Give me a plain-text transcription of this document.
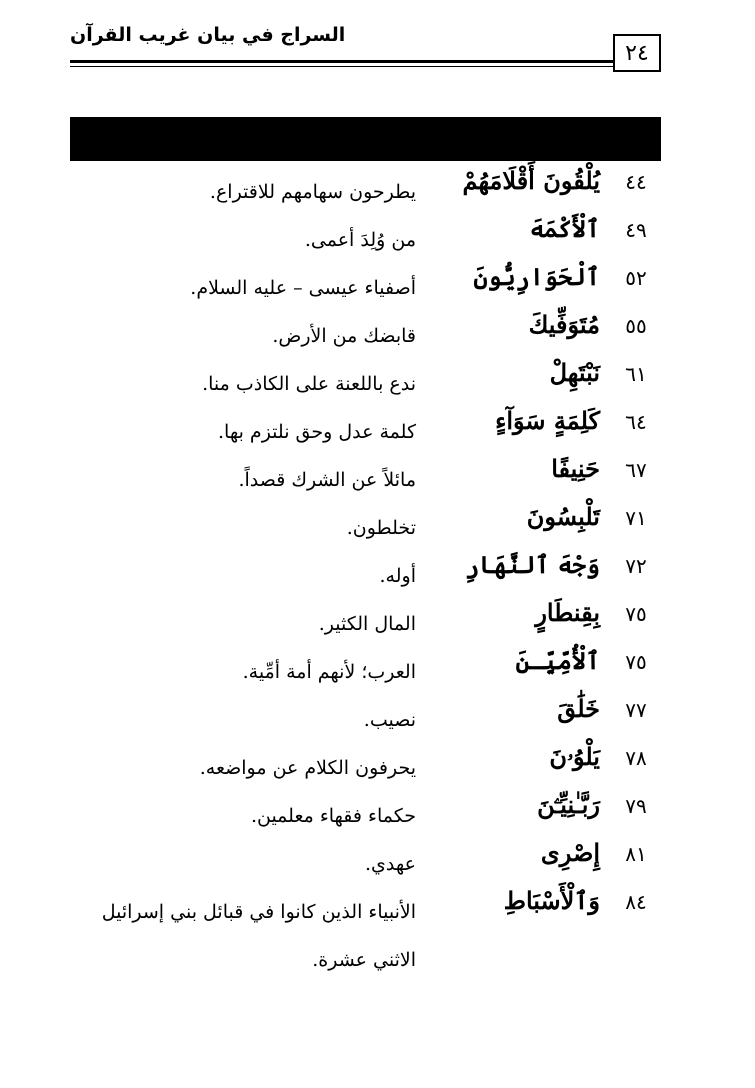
السراج في بيان غريب القرآن
٢٤
٤٤
يُلْقُونَ أَقْلَامَهُمْ
يطرحون سهامهم للاقتراع.
٤٩
ٱلْأَكْمَهَ
من وُلِدَ أعمى.
٥٢
ٱلْحَوَارِيُّونَ
أصفياء عيسى – عليه السلام.
٥٥
مُتَوَفِّيكَ
قابضك من الأرض.
٦١
نَبْتَهِلْ
ندع باللعنة على الكاذب منا.
٦٤
كَلِمَةٍ سَوَآءٍ
كلمة عدل وحق نلتزم بها.
٦٧
حَنِيفًا
مائلاً عن الشرك قصداً.
٧١
تَلْبِسُونَ
تخلطون.
٧٢
وَجْهَ ٱلنَّهَارِ
أوله.
٧٥
بِقِنطَارٍ
المال الكثير.
٧٥
ٱلْأُمِّيِّـنَ
العرب؛ لأنهم أمة أمِّية.
٧٧
خَلَٰقَ
نصيب.
٧٨
يَلْوُۥنَ
يحرفون الكلام عن مواضعه.
٧٩
رَبَّـٰنِيِّـۧنَ
حكماء فقهاء معلمين.
٨١
إِصْرِى
عهدي.
٨٤
وَٱلْأَسْبَاطِ
الأنبياء الذين كانوا في قبائل بني إسرائيل الاثني عشرة.
